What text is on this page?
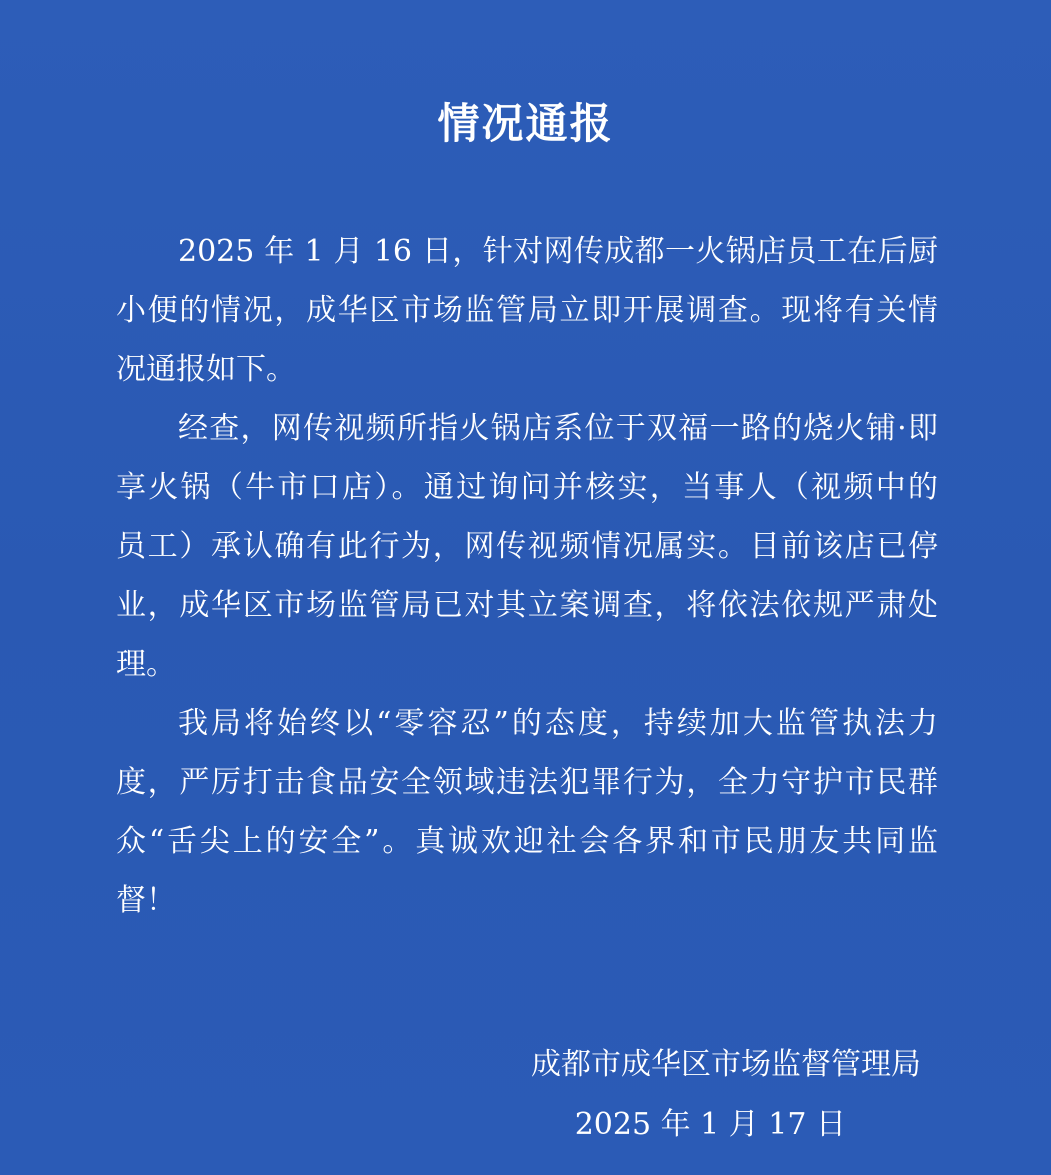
情况通报
2025 年 1 月 16 日，针对网传成都一火锅店员工在后厨
小便的情况，成华区市场监管局立即开展调查。现将有关情
况通报如下。
经查，网传视频所指火锅店系位于双福一路的烧火铺·即
享火锅（牛市口店）。通过询问并核实，当事人（视频中的
员工）承认确有此行为，网传视频情况属实。目前该店已停
业，成华区市场监管局已对其立案调查，将依法依规严肃处
理。
我局将始终以“零容忍”的态度，持续加大监管执法力
度，严厉打击食品安全领域违法犯罪行为，全力守护市民群
众“舌尖上的安全”。真诚欢迎社会各界和市民朋友共同监
督！
成都市成华区市场监督管理局
2025 年 1 月 17 日
